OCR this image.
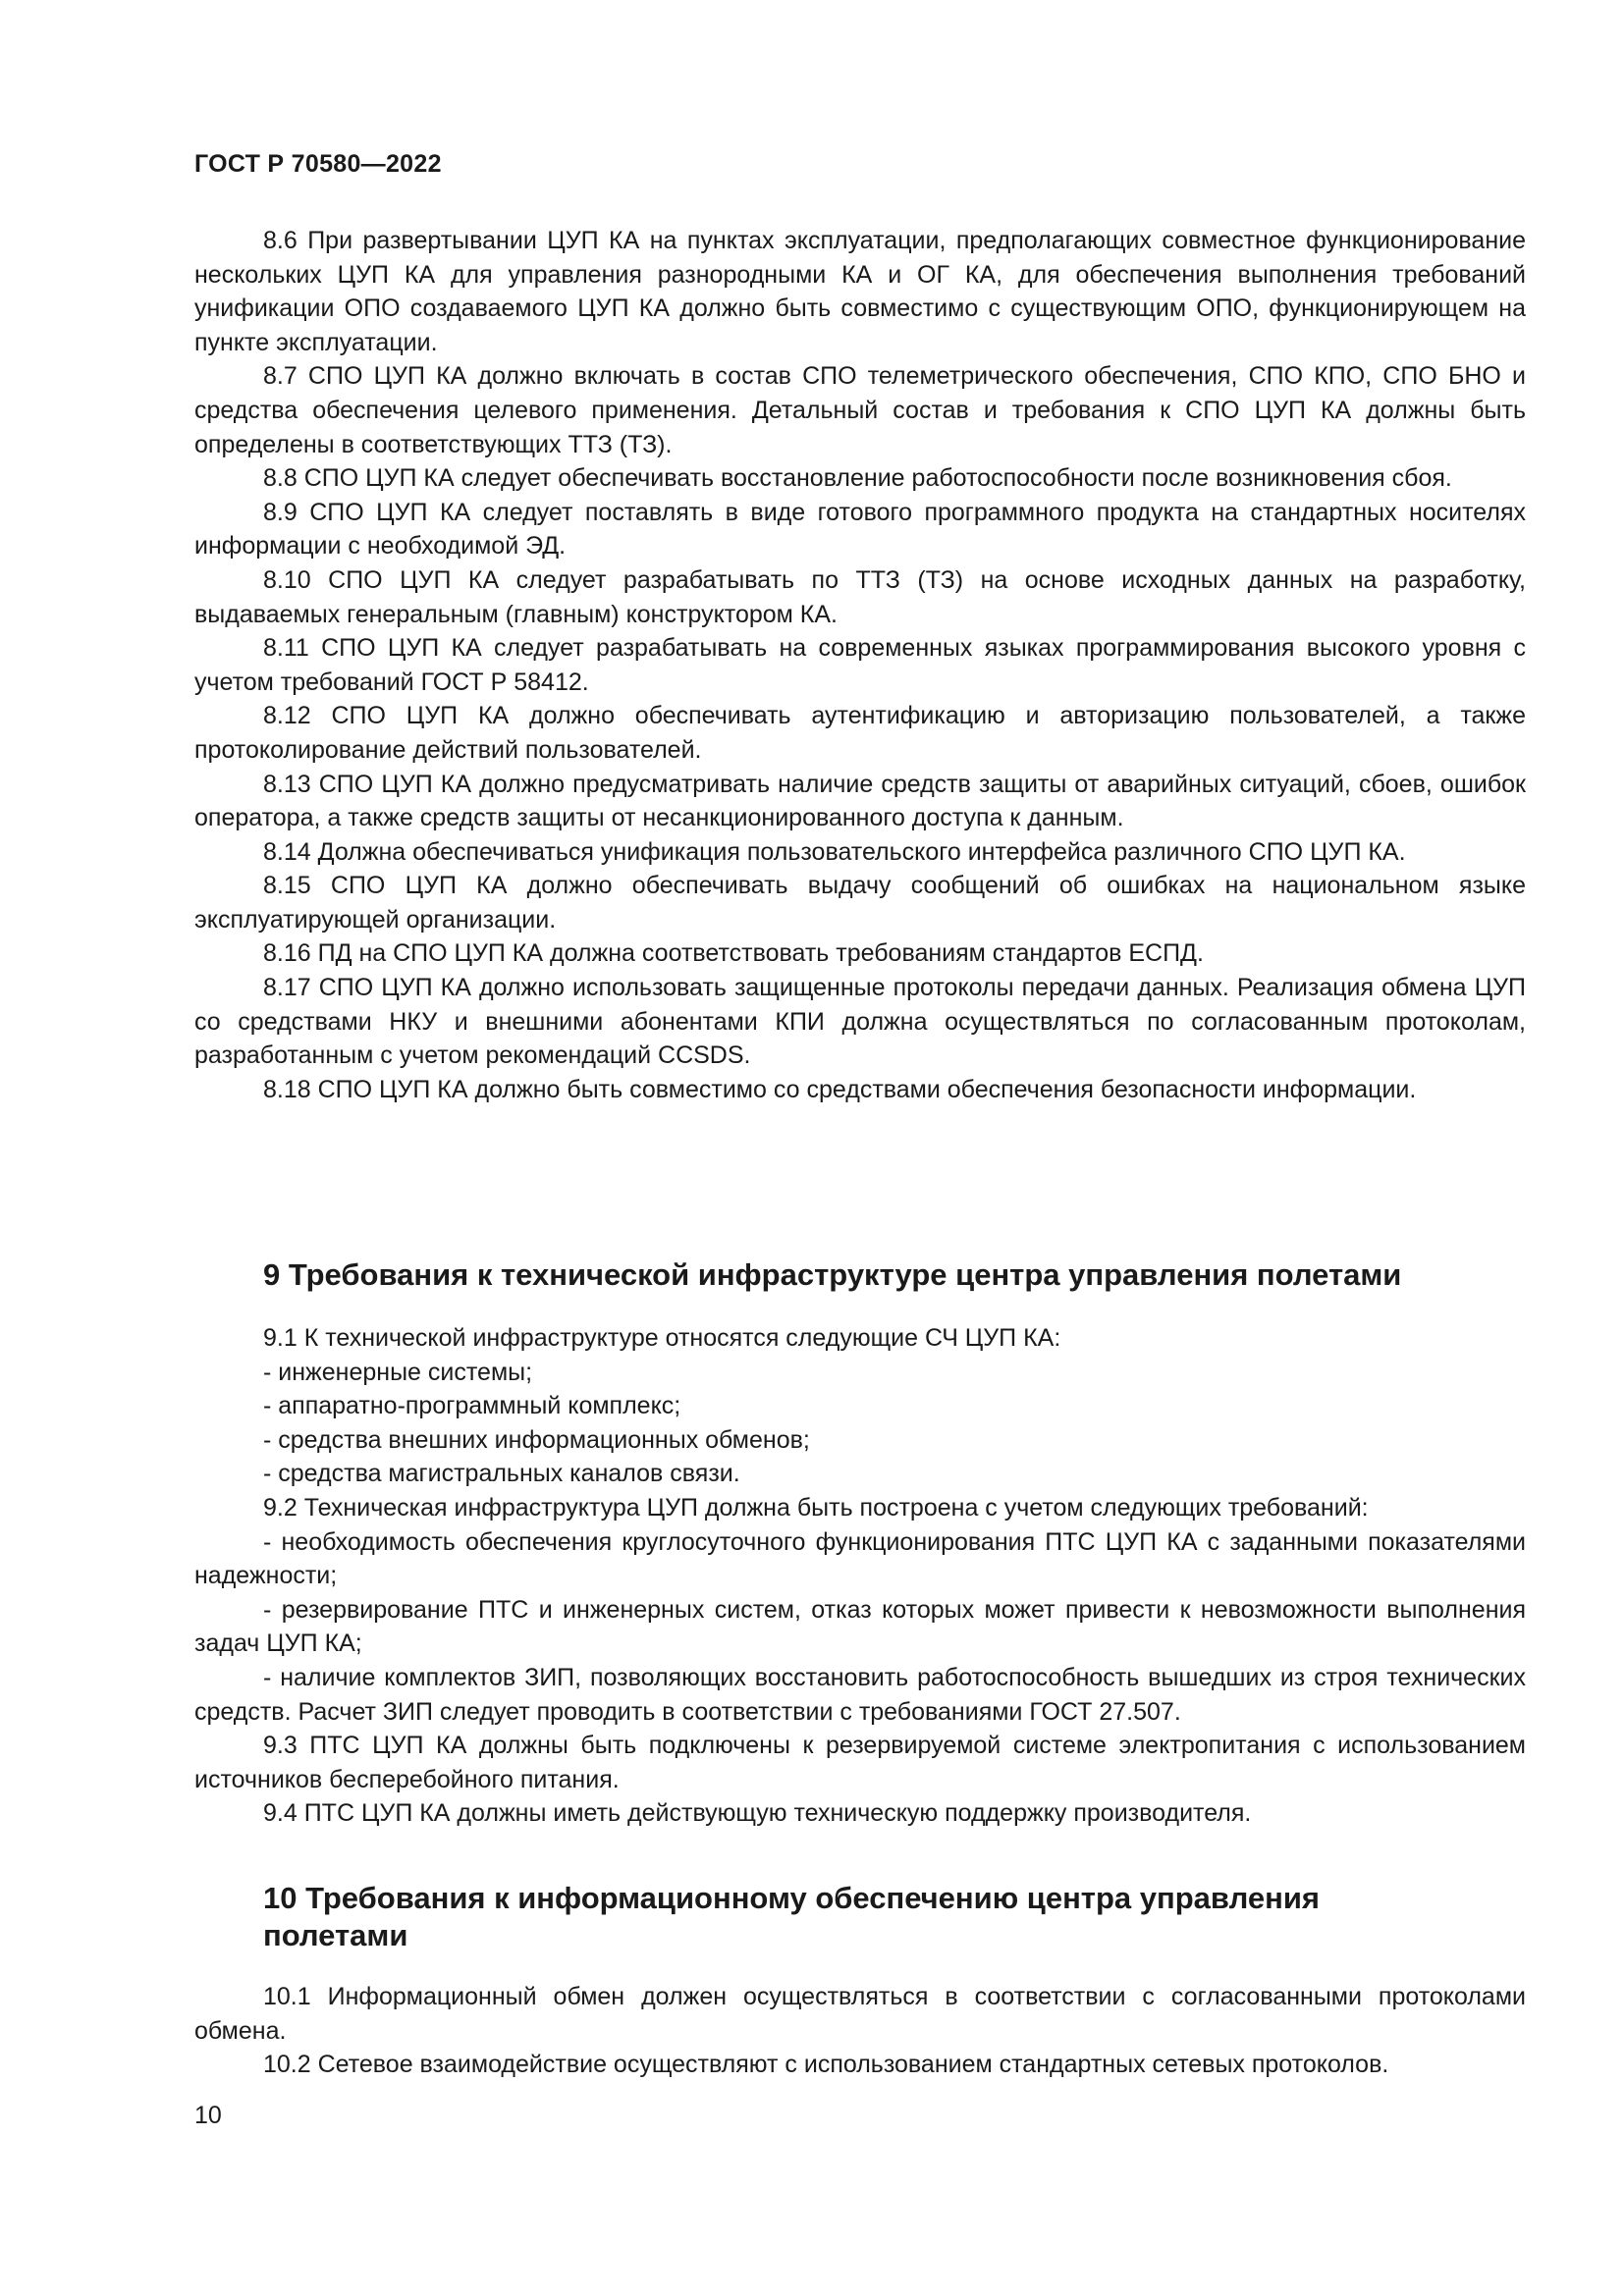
ГОСТ Р 70580—2022

8.6 При развертывании ЦУП КА на пунктах эксплуатации, предполагающих совместное функционирование нескольких ЦУП КА для управления разнородными КА и ОГ КА, для обеспечения выполнения требований унификации ОПО создаваемого ЦУП КА должно быть совместимо с существующим ОПО, функционирующем на пункте эксплуатации.

8.7 СПО ЦУП КА должно включать в состав СПО телеметрического обеспечения, СПО КПО, СПО БНО и средства обеспечения целевого применения. Детальный состав и требования к СПО ЦУП КА должны быть определены в соответствующих ТТЗ (ТЗ).

8.8 СПО ЦУП КА следует обеспечивать восстановление работоспособности после возникновения сбоя.

8.9 СПО ЦУП КА следует поставлять в виде готового программного продукта на стандартных носителях информации с необходимой ЭД.

8.10 СПО ЦУП КА следует разрабатывать по ТТЗ (ТЗ) на основе исходных данных на разработку, выдаваемых генеральным (главным) конструктором КА.

8.11 СПО ЦУП КА следует разрабатывать на современных языках программирования высокого уровня с учетом требований ГОСТ Р 58412.

8.12 СПО ЦУП КА должно обеспечивать аутентификацию и авторизацию пользователей, а также протоколирование действий пользователей.

8.13 СПО ЦУП КА должно предусматривать наличие средств защиты от аварийных ситуаций, сбоев, ошибок оператора, а также средств защиты от несанкционированного доступа к данным.

8.14 Должна обеспечиваться унификация пользовательского интерфейса различного СПО ЦУП КА.

8.15 СПО ЦУП КА должно обеспечивать выдачу сообщений об ошибках на национальном языке эксплуатирующей организации.

8.16 ПД на СПО ЦУП КА должна соответствовать требованиям стандартов ЕСПД.

8.17 СПО ЦУП КА должно использовать защищенные протоколы передачи данных. Реализация обмена ЦУП со средствами НКУ и внешними абонентами КПИ должна осуществляться по согласованным протоколам, разработанным с учетом рекомендаций CCSDS.

8.18 СПО ЦУП КА должно быть совместимо со средствами обеспечения безопасности информации.

9 Требования к технической инфраструктуре центра управления полетами

9.1 К технической инфраструктуре относятся следующие СЧ ЦУП КА:

- инженерные системы;

- аппаратно-программный комплекс;

- средства внешних информационных обменов;

- средства магистральных каналов связи.

9.2 Техническая инфраструктура ЦУП должна быть построена с учетом следующих требований:

- необходимость обеспечения круглосуточного функционирования ПТС ЦУП КА с заданными показателями надежности;

- резервирование ПТС и инженерных систем, отказ которых может привести к невозможности выполнения задач ЦУП КА;

- наличие комплектов ЗИП, позволяющих восстановить работоспособность вышедших из строя технических средств. Расчет ЗИП следует проводить в соответствии с требованиями ГОСТ 27.507.

9.3 ПТС ЦУП КА должны быть подключены к резервируемой системе электропитания с использованием источников бесперебойного питания.

9.4 ПТС ЦУП КА должны иметь действующую техническую поддержку производителя.

10 Требования к информационному обеспечению центра управления полетами

10.1 Информационный обмен должен осуществляться в соответствии с согласованными протоколами обмена.

10.2 Сетевое взаимодействие осуществляют с использованием стандартных сетевых протоколов.

10
